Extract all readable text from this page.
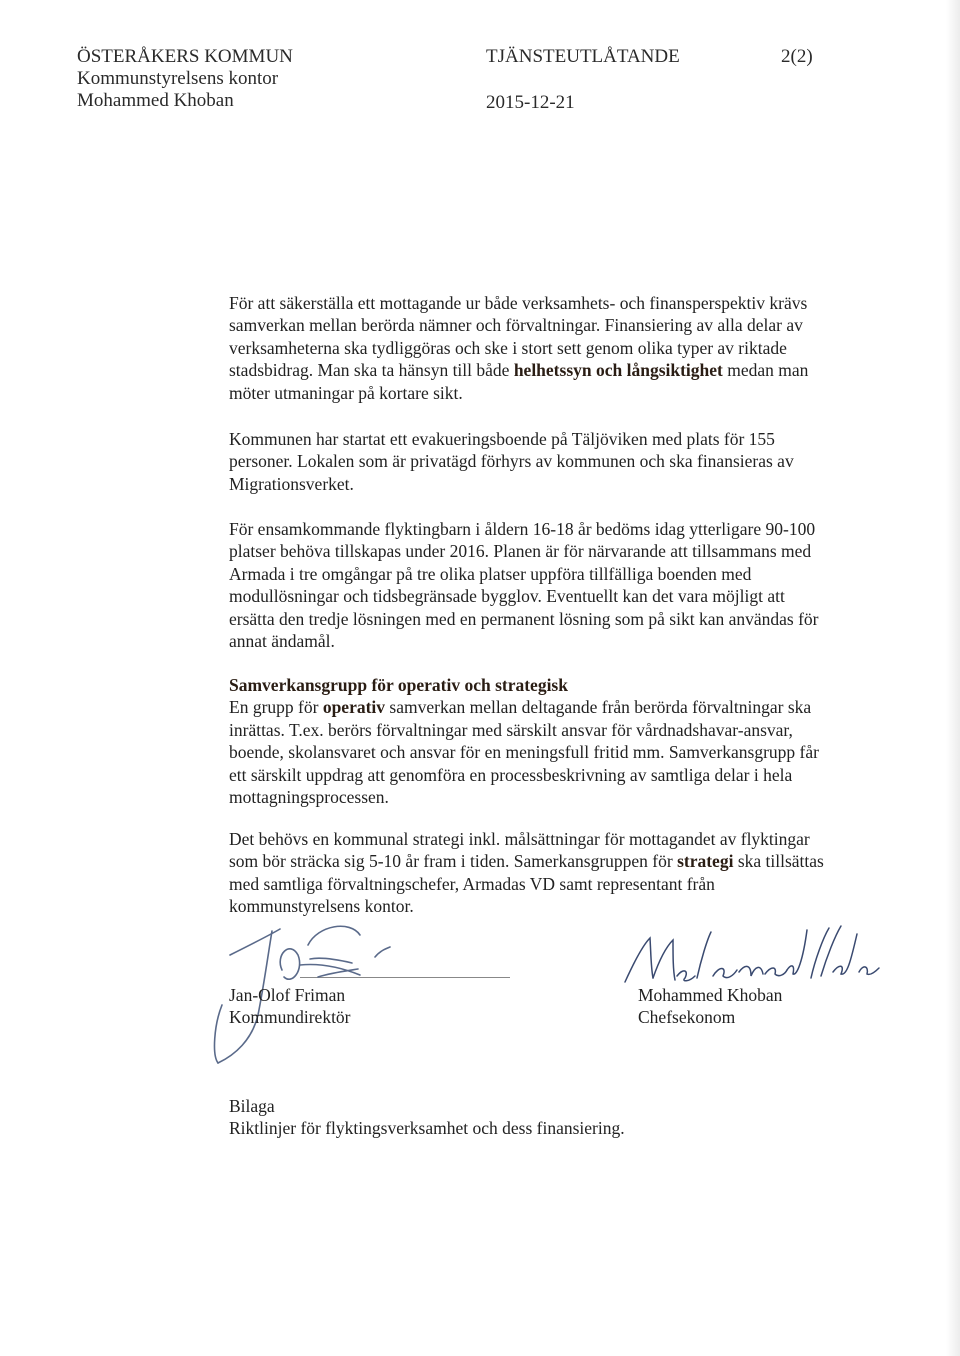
ÖSTERÅKERS KOMMUN
Kommunstyrelsens kontor
Mohammed Khoban
TJÄNSTEUTLÅTANDE
2015-12-21
2(2)

För att säkerställa ett mottagande ur både verksamhets- och finansperspektiv krävs samverkan mellan berörda nämner och förvaltningar. Finansiering av alla delar av verksamheterna ska tydliggöras och ske i stort sett genom olika typer av riktade stadsbidrag. Man ska ta hänsyn till både helhetssyn och långsiktighet medan man möter utmaningar på kortare sikt.

Kommunen har startat ett evakueringsboende på Täljöviken med plats för 155 personer. Lokalen som är privatägd förhyrs av kommunen och ska finansieras av Migrationsverket.

För ensamkommande flyktingbarn i åldern 16-18 år bedöms idag ytterligare 90-100 platser behöva tillskapas under 2016. Planen är för närvarande att tillsammans med Armada i tre omgångar på tre olika platser uppföra tillfälliga boenden med modullösningar och tidsbegränsade bygglov. Eventuellt kan det vara möjligt att ersätta den tredje lösningen med en permanent lösning som på sikt kan användas för annat ändamål.

Samverkansgrupp för operativ och strategisk

En grupp för operativ samverkan mellan deltagande från berörda förvaltningar ska inrättas. T.ex. berörs förvaltningar med särskilt ansvar för vårdnadshavar-ansvar, boende, skolansvaret och ansvar för en meningsfull fritid mm. Samverkansgrupp får ett särskilt uppdrag att genomföra en processbeskrivning av samtliga delar i hela mottagningsprocessen.

Det behövs en kommunal strategi inkl. målsättningar för mottagandet av flyktingar som bör sträcka sig 5-10 år fram i tiden. Samerkansgruppen för strategi ska tillsättas med samtliga förvaltningschefer, Armadas VD samt representant från kommunstyrelsens kontor.

Jan-Olof Friman
Kommundirektör
Mohammed Khoban
Chefsekonom

Bilaga

Riktlinjer för flyktingsverksamhet och dess finansiering.
